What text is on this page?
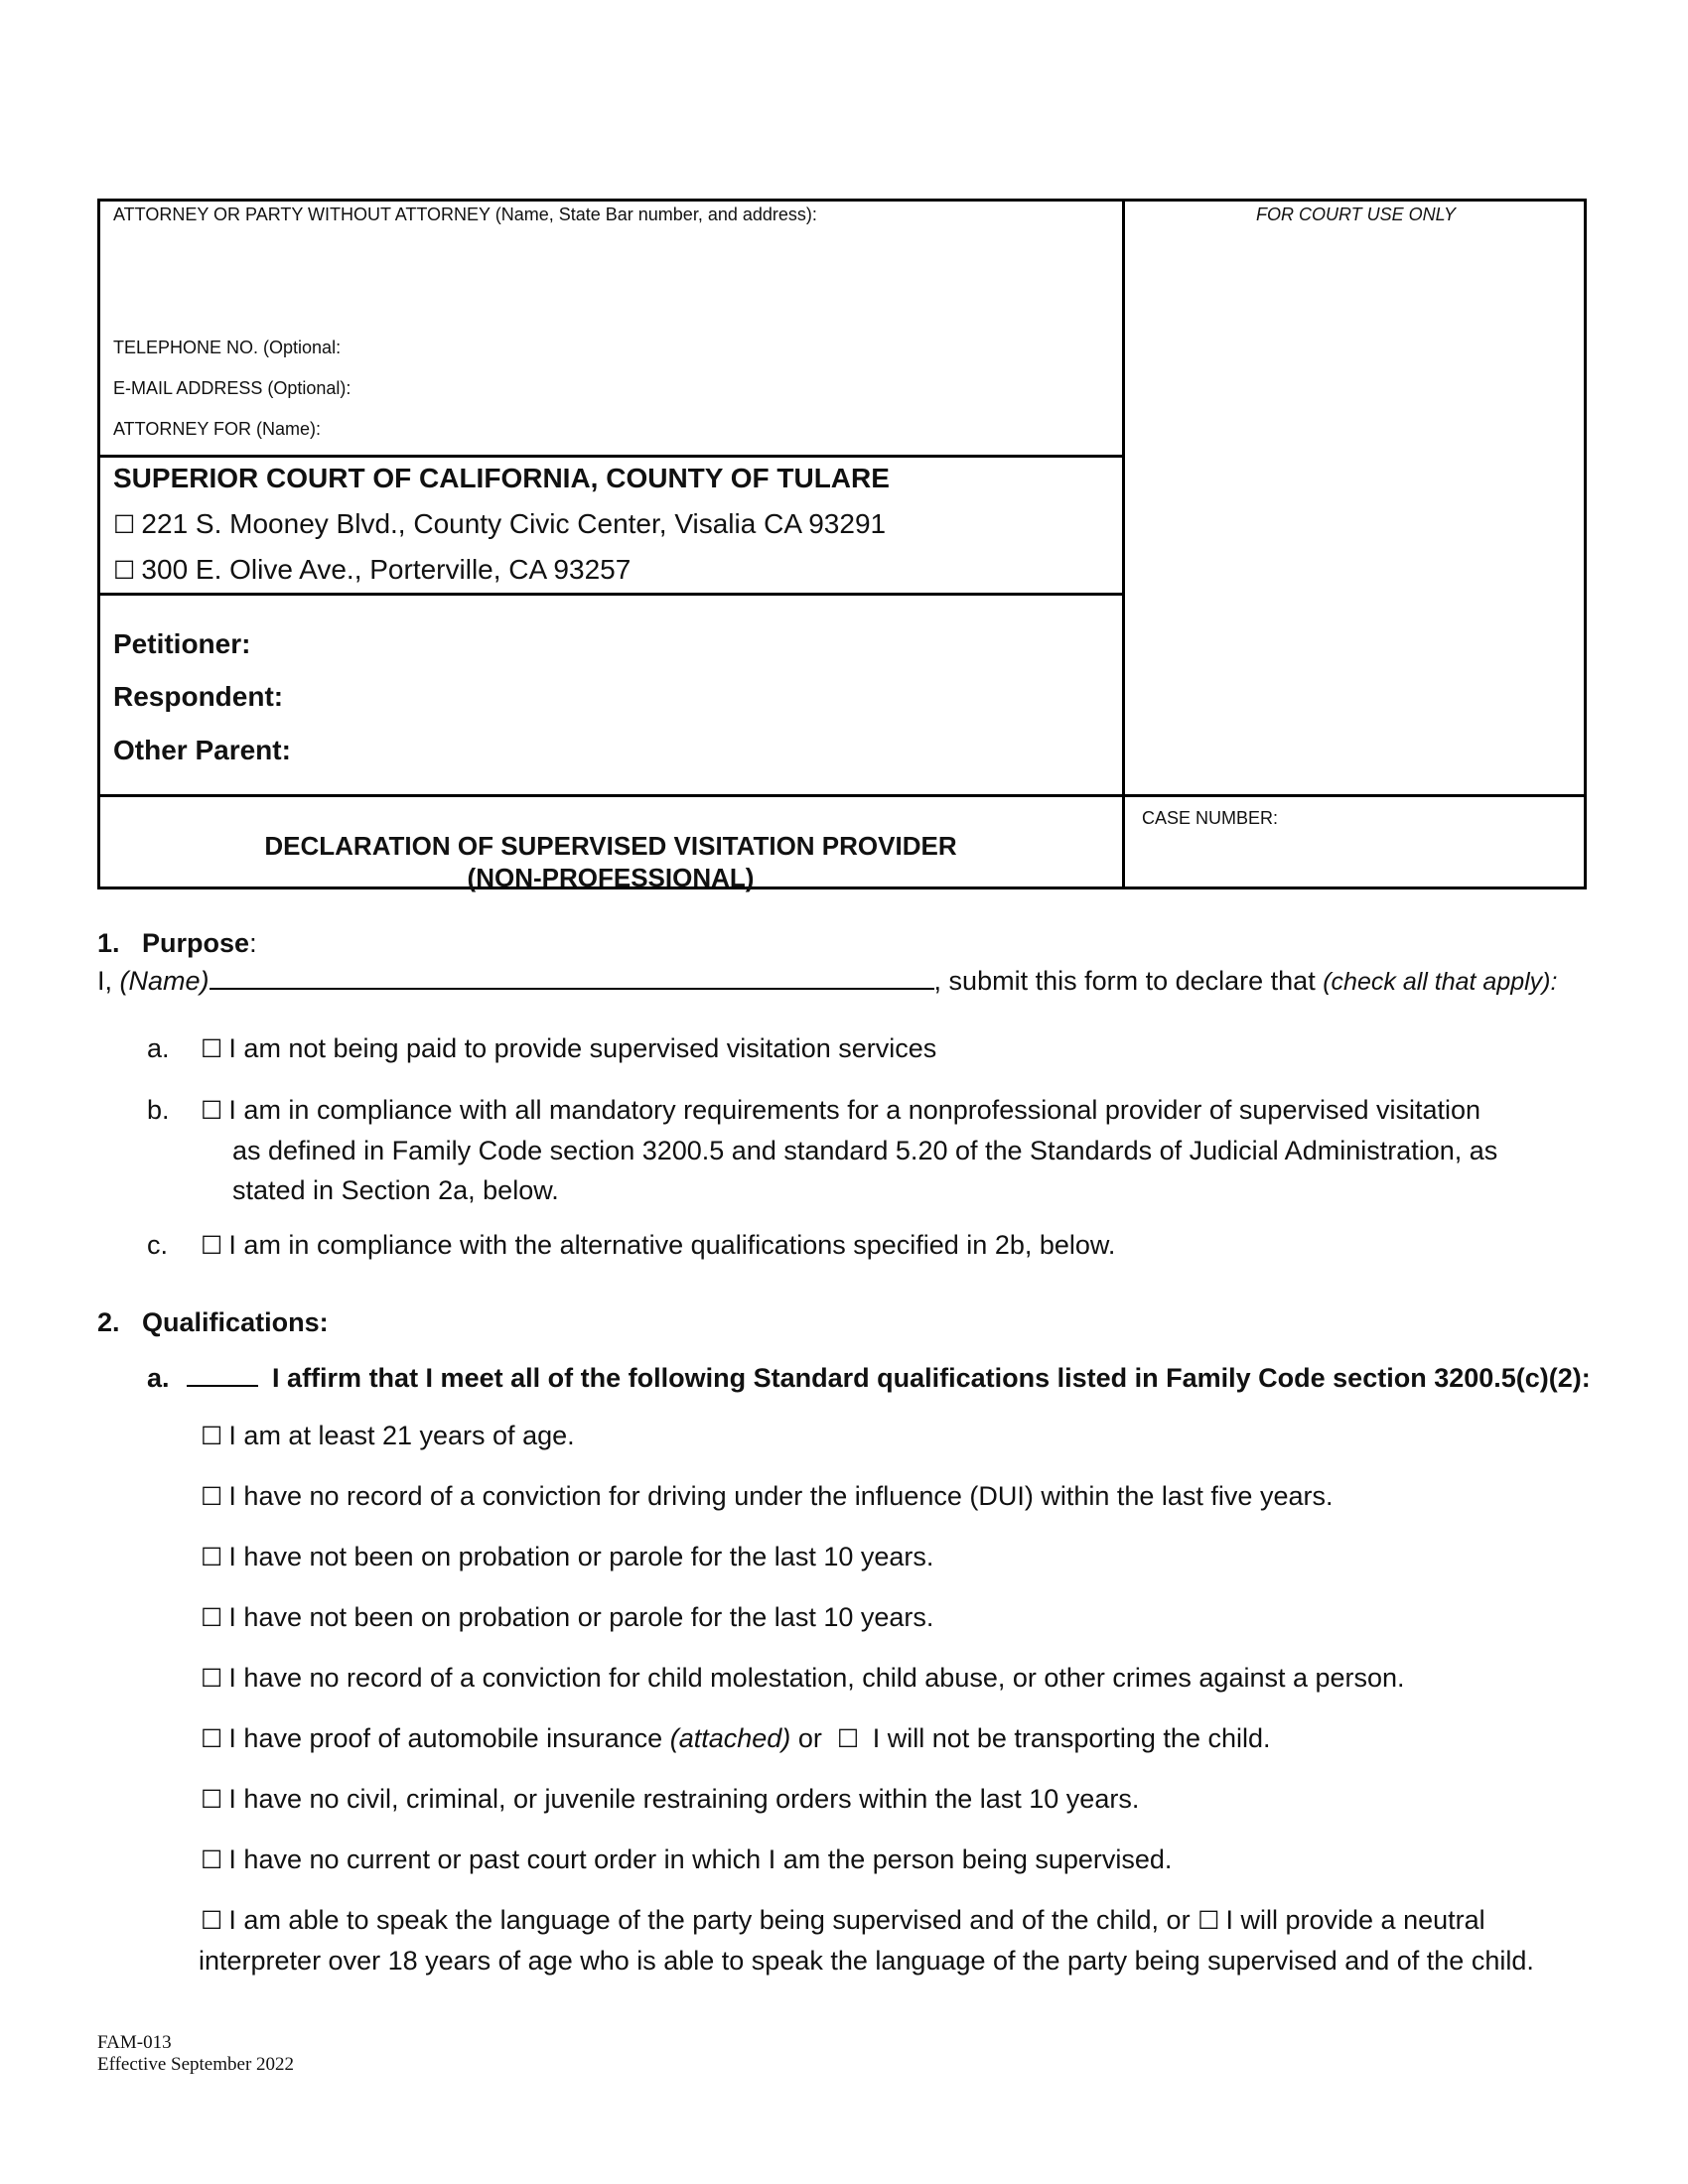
ATTORNEY OR PARTY WITHOUT ATTORNEY (Name, State Bar number, and address):
TELEPHONE NO. (Optional:
E-MAIL ADDRESS (Optional):
ATTORNEY FOR (Name):
FOR COURT USE ONLY
SUPERIOR COURT OF CALIFORNIA, COUNTY OF TULARE
☐ 221 S. Mooney Blvd., County Civic Center, Visalia CA 93291
☐ 300 E. Olive Ave., Porterville, CA 93257
Petitioner:
Respondent:
Other Parent:
CASE NUMBER:
DECLARATION OF SUPERVISED VISITATION PROVIDER
(NON-PROFESSIONAL)
1. Purpose:
I, (Name)	, submit this form to declare that (check all that apply):
a. ☐ I am not being paid to provide supervised visitation services
b. ☐ I am in compliance with all mandatory requirements for a nonprofessional provider of supervised visitation
as defined in Family Code section 3200.5 and standard 5.20 of the Standards of Judicial Administration, as
stated in Section 2a, below.
c. ☐ I am in compliance with the alternative qualifications specified in 2b, below.
2. Qualifications:
a.	I affirm that I meet all of the following Standard qualifications listed in Family Code section 3200.5(c)(2):
☐ I am at least 21 years of age.
☐ I have no record of a conviction for driving under the influence (DUI) within the last five years.
☐ I have not been on probation or parole for the last 10 years.
☐ I have not been on probation or parole for the last 10 years.
☐ I have no record of a conviction for child molestation, child abuse, or other crimes against a person.
☐ I have proof of automobile insurance (attached) or ☐ I will not be transporting the child.
☐ I have no civil, criminal, or juvenile restraining orders within the last 10 years.
☐ I have no current or past court order in which I am the person being supervised.
☐ I am able to speak the language of the party being supervised and of the child, or ☐ I will provide a neutral
interpreter over 18 years of age who is able to speak the language of the party being supervised and of the child.
FAM-013
Effective September 2022
